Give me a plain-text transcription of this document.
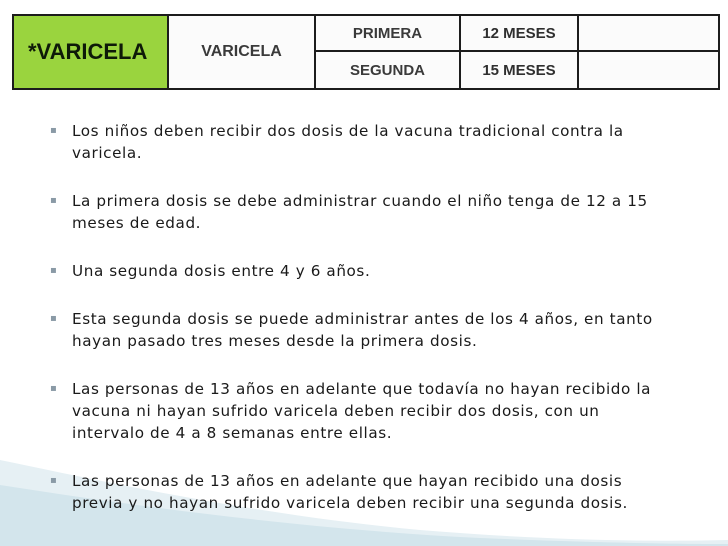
*VARICELA	VARICELA
PRIMERA	12 MESES
SEGUNDA	15 MESES
▪ Los niños deben recibir dos dosis de la vacuna tradicional contra la varicela.
▪ La primera dosis se debe administrar cuando el niño tenga de 12 a 15 meses de edad.
▪ Una segunda dosis entre 4 y 6 años.
▪ Esta segunda dosis se puede administrar antes de los 4 años, en tanto hayan pasado tres meses desde la primera dosis.
▪ Las personas de 13 años en adelante que todavía no hayan recibido la vacuna ni hayan sufrido varicela deben recibir dos dosis, con un intervalo de 4 a 8 semanas entre ellas.
▪ Las personas de 13 años en adelante que hayan recibido una dosis previa y no hayan sufrido varicela deben recibir una segunda dosis.
